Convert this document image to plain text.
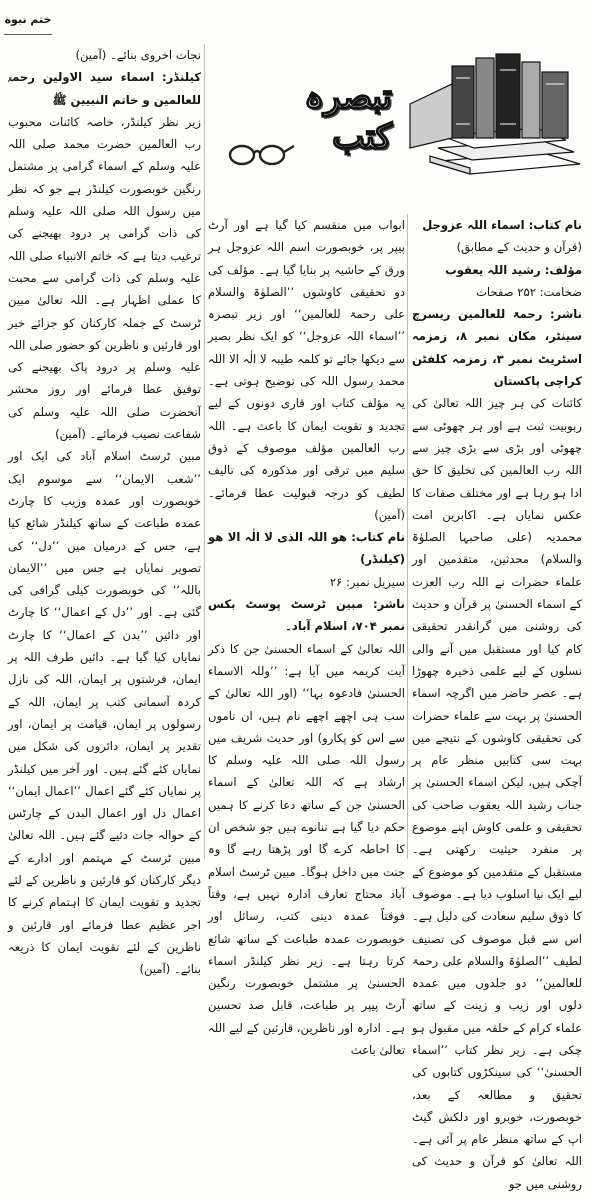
ختم نبوة
تبصرہ کتب

نام کتاب: اسماء اللہ عزوجل

(قرآن و حدیث کے مطابق)

مؤلف: رشید اللہ یعقوب

ضخامت: ۲۵۲ صفحات

ناشر: رحمۃ للعالمین ریسرچ سینٹر، مکان نمبر ۸، زمزمہ اسٹریٹ نمبر ۳، زمزمہ کلفٹن کراچی پاکستان

کائنات کی ہر چیز اللہ تعالیٰ کی ربوبیت ثبت ہے اور ہر چھوٹی سے چھوٹی اور بڑی سے بڑی چیز سے اللہ رب العالمین کی تخلیق کا حق ادا ہو رہا ہے اور مختلف صفات کا عکس نمایاں ہے۔ اکابرین امت محمدیہ (علی صاحبہا الصلوٰۃ والسلام) محدثین، متقدمین اور علماء حضرات نے اللہ رب العزت کے اسماء الحسنیٰ پر قرآن و حدیث کی روشنی میں گرانقدر تحقیقی کام کیا اور مستقبل میں آنے والی نسلوں کے لیے علمی ذخیرہ چھوڑا ہے۔ عصر حاضر میں اگرچہ اسماء الحسنیٰ پر بہت سے علماء حضرات کی تحقیقی کاوشوں کے نتیجے میں بہت سی کتابیں منظر عام پر آچکی ہیں، لیکن اسماء الحسنیٰ پر جناب رشید اللہ یعقوب صاحب کی تحقیقی و علمی کاوش اپنے موضوع پر منفرد حیثیت رکھتی ہے۔ مستقبل کے متقدمین کو موضوع کے لیے ایک نیا اسلوب دیا ہے۔ موصوف کا ذوق سلیم سعادت کی دلیل ہے۔ اس سے قبل موصوف کی تصنیف لطیف ’’الصلوٰۃ والسلام علی رحمۃ للعالمین‘‘ دو جلدوں میں عمدہ دلوں اور زیب و زینت کے ساتھ علماء کرام کے حلقہ میں مقبول ہو چکی ہے۔ زیر نظر کتاب ’’اسماء الحسنیٰ‘‘ کی سینکڑوں کتابوں کی تحقیق و مطالعہ کے بعد، خوبصورت، خوبرو اور دلکش گیٹ اپ کے ساتھ منظر عام پر آئی ہے۔ اللہ تعالیٰ کو قرآن و حدیث کی روشنی میں جو

ابواب میں منقسم کیا گیا ہے اور آرٹ پیپر پر، خوبصورت اسم اللہ عزوجل ہر ورق کے حاشیہ پر بنایا گیا ہے۔ مؤلف کی دو تحقیقی کاوشوں ’’الصلوٰۃ والسلام علی رحمۃ للعالمین‘‘ اور زیر تبصرہ ’’اسماء اللہ عزوجل‘‘ کو ایک نظر بصیر سے دیکھا جائے تو کلمہ طیبہ لا الٰہ الا اللہ محمد رسول اللہ کی توضیح ہوتی ہے۔ یہ مؤلف کتاب اور قاری دونوں کے لیے تجدید و تقویت ایمان کا باعث ہے۔ اللہ رب العالمین مؤلف موصوف کے ذوق سلیم میں ترقی اور مذکورہ کی تالیف لطیف کو درجہ قبولیت عطا فرمائے۔ (آمین)

نام کتاب: ھو اللہ الذی لا الٰہ الا ھو (کیلنڈر)

سیریل نمبر: ۲۶

ناشر: مبین ٹرسٹ پوسٹ بکس نمبر ۷۰۴، اسلام آباد۔

اللہ تعالیٰ کے اسماء الحسنیٰ جن کا ذکر آیت کریمہ میں آیا ہے: ’’وللہ الاسماء الحسنیٰ فادعوہ بہا‘‘ (اور اللہ تعالیٰ کے سب ہی اچھے اچھے نام ہیں، ان ناموں سے اس کو پکارو) اور حدیث شریف میں رسول اللہ صلی اللہ علیہ وسلم کا ارشاد ہے کہ اللہ تعالیٰ کے اسماء الحسنیٰ جن کے ساتھ دعا کرنے کا ہمیں حکم دیا گیا ہے ننانوے ہیں جو شخص ان کا احاطہ کرے گا اور پڑھتا رہے گا وہ جنت میں داخل ہوگا۔ مبین ٹرسٹ اسلام آباد محتاج تعارف ادارہ نہیں ہے، وقتاً فوقتاً عمدہ دینی کتب، رسائل اور خوبصورت عمدہ طباعت کے ساتھ شائع کرتا رہتا ہے۔ زیر نظر کیلنڈر اسماء الحسنیٰ پر مشتمل خوبصورت رنگین آرٹ پیپر پر طباعت، قابل صد تحسین ہے۔ ادارہ اور ناظرین، قارئین کے لیے اللہ تعالیٰ باعث

نجات اخروی بنائے۔ (آمین)

کیلنڈر: اسماء سید الاولین رحمۃ للعالمین و خاتم النبیین ﷺ

زیر نظر کیلنڈر، خاصہ کائنات محبوب رب العالمین حضرت محمد صلی اللہ علیہ وسلم کے اسماء گرامی پر مشتمل رنگین خوبصورت کیلنڈر ہے جو کہ نظر میں رسول اللہ صلی اللہ علیہ وسلم کی ذات گرامی پر درود بھیجنے کی ترغیب دیتا ہے کہ خاتم الانبیاء صلی اللہ علیہ وسلم کی ذات گرامی سے محبت کا عملی اظہار ہے۔ اللہ تعالیٰ مبین ٹرسٹ کے جملہ کارکنان کو جزائے خیر اور قارئین و ناظرین کو حضور صلی اللہ علیہ وسلم پر درود پاک بھیجنے کی توفیق عطا فرمائے اور روز محشر آنحضرت صلی اللہ علیہ وسلم کی شفاعت نصیب فرمائے۔ (آمین)

مبین ٹرسٹ اسلام آباد کی ایک اور ’’شعب الایمان‘‘ سے موسوم ایک خوبصورت اور عمدہ وزیب کا چارٹ عمدہ طباعت کے ساتھ کیلنڈر شائع کیا ہے، جس کے درمیان میں ’’دل‘‘ کی تصویر نمایاں ہے جس میں ’’الایمان باللہ‘‘ کی خوبصورت کیلی گرافی کی گئی ہے۔ اور ’’دل کے اعمال‘‘ کا چارٹ اور دائیں ’’بدن کے اعمال‘‘ کا چارٹ نمایاں کیا گیا ہے۔ دائیں طرف اللہ پر ایمان، فرشتوں پر ایمان، اللہ کی نازل کردہ آسمانی کتب پر ایمان، اللہ کے رسولوں پر ایمان، قیامت پر ایمان، اور تقدیر پر ایمان، دائروں کی شکل میں نمایاں کئے گئے ہیں۔ اور آخر میں کیلنڈر پر نمایاں کئے گئے اعمال ’’اعمال ایمان‘‘ اعمال دل اور اعمال البدن کے چارٹس کے حوالہ جات دئیے گئے ہیں۔ اللہ تعالیٰ مبین ٹرسٹ کے مہتمم اور ادارے کے دیگر کارکنان کو قارئین و ناظرین کے لئے تجدید و تقویت ایمان کا اہتمام کرنے کا اجر عظیم عطا فرمائے اور قارئین و ناظرین کے لئے تقویت ایمان کا ذریعہ بنائے۔ (آمین)
